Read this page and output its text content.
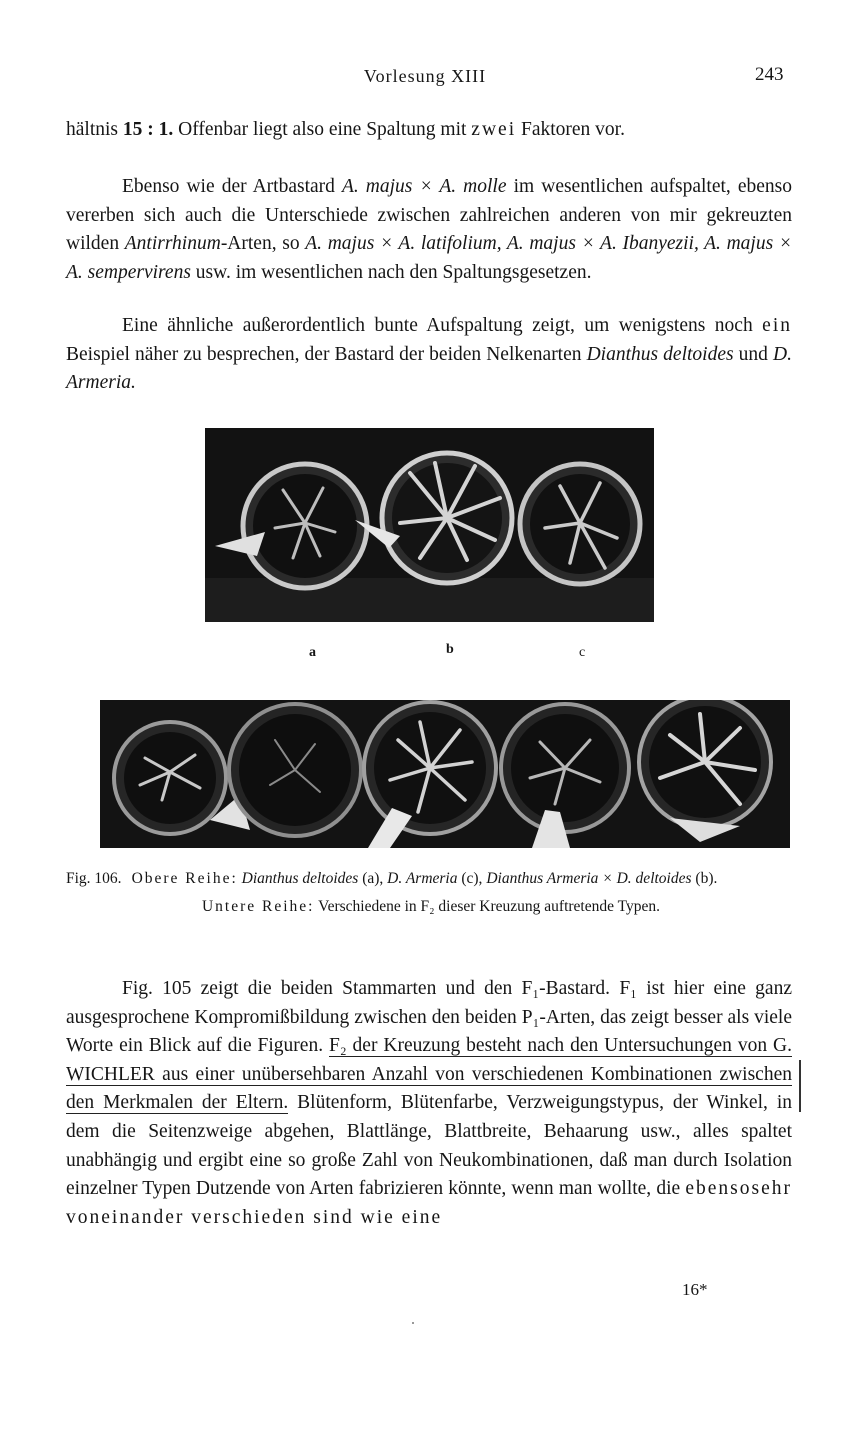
Vorlesung XIII	243
hältnis 15 : 1. Offenbar liegt also eine Spaltung mit zwei Faktoren vor.
Ebenso wie der Artbastard A. majus × A. molle im wesentlichen aufspaltet, ebenso vererben sich auch die Unterschiede zwischen zahlreichen anderen von mir gekreuzten wilden Antirrhinum-Arten, so A. majus × A. latifolium, A. majus × A. Ibanyezii, A. majus × A. sempervirens usw. im wesentlichen nach den Spaltungsgesetzen.
Eine ähnliche außerordentlich bunte Aufspaltung zeigt, um wenigstens noch ein Beispiel näher zu besprechen, der Bastard der beiden Nelkenarten Dianthus deltoides und D. Armeria.
a	b	c
Fig. 106. Obere Reihe: Dianthus deltoides (a), D. Armeria (c), Dianthus Armeria × D. deltoides (b).
Untere Reihe: Verschiedene in F₂ dieser Kreuzung auftretende Typen.
Fig. 105 zeigt die beiden Stammarten und den F₁-Bastard. F₁ ist hier eine ganz ausgesprochene Kompromißbildung zwischen den beiden P₁-Arten, das zeigt besser als viele Worte ein Blick auf die Figuren. F₂ der Kreuzung besteht nach den Untersuchungen von G. WICHLER aus einer unübersehbaren Anzahl von verschiedenen Kombinationen zwischen den Merkmalen der Eltern. Blütenform, Blütenfarbe, Verzweigungstypus, der Winkel, in dem die Seitenzweige abgehen, Blattlänge, Blattbreite, Behaarung usw., alles spaltet unabhängig und ergibt eine so große Zahl von Neukombinationen, daß man durch Isolation einzelner Typen Dutzende von Arten fabrizieren könnte, wenn man wollte, die ebensosehr voneinander verschieden sind wie eine
16*
